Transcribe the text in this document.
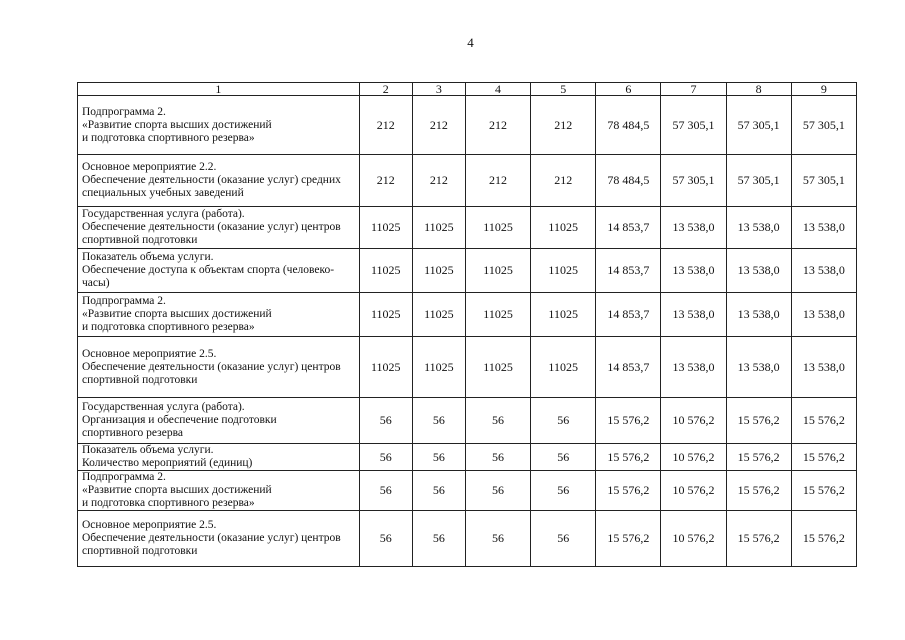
4
1	2	3	4	5	6	7	8	9

Подпрограмма 2.
«Развитие спорта высших достижений
и подготовка спортивного резерва»	212	212	212	212	78 484,5	57 305,1	57 305,1	57 305,1

Основное мероприятие 2.2.
Обеспечение деятельности (оказание услуг) средних
специальных учебных заведений	212	212	212	212	78 484,5	57 305,1	57 305,1	57 305,1

Государственная услуга (работа).
Обеспечение деятельности (оказание услуг) центров
спортивной подготовки	11025	11025	11025	11025	14 853,7	13 538,0	13 538,0	13 538,0

Показатель объема услуги.
Обеспечение доступа к объектам спорта (человеко-
часы)	11025	11025	11025	11025	14 853,7	13 538,0	13 538,0	13 538,0

Подпрограмма 2.
«Развитие спорта высших достижений
и подготовка спортивного резерва»	11025	11025	11025	11025	14 853,7	13 538,0	13 538,0	13 538,0

Основное мероприятие 2.5.
Обеспечение деятельности (оказание услуг) центров
спортивной подготовки	11025	11025	11025	11025	14 853,7	13 538,0	13 538,0	13 538,0

Государственная услуга (работа).
Организация и обеспечение подготовки
спортивного резерва	56	56	56	56	15 576,2	10 576,2	15 576,2	15 576,2

Показатель объема услуги.
Количество мероприятий (единиц)	56	56	56	56	15 576,2	10 576,2	15 576,2	15 576,2

Подпрограмма 2.
«Развитие спорта высших достижений
и подготовка спортивного резерва»	56	56	56	56	15 576,2	10 576,2	15 576,2	15 576,2

Основное мероприятие 2.5.
Обеспечение деятельности (оказание услуг) центров
спортивной подготовки	56	56	56	56	15 576,2	10 576,2	15 576,2	15 576,2
